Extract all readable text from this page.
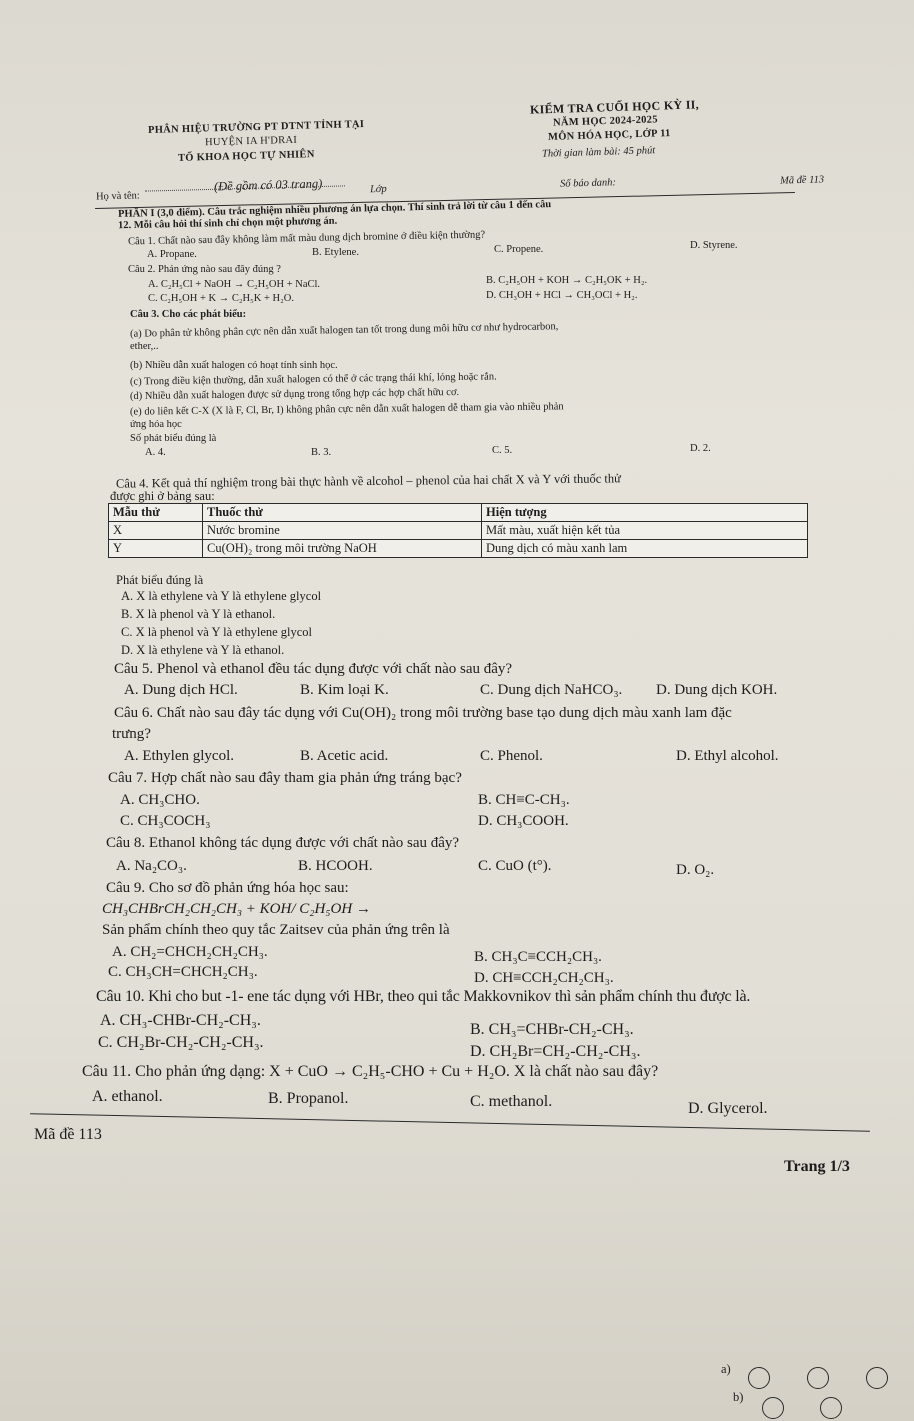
PHÂN HIỆU TRƯỜNG PT DTNT TỈNH TẠI
HUYỆN IA H'DRAI
TỔ KHOA HỌC TỰ NHIÊN
(Đề gồm có 03 trang)
KIỂM TRA CUỐI HỌC KỲ II,
NĂM HỌC 2024-2025
MÔN HÓA HỌC, LỚP 11
Thời gian làm bài: 45 phút
Họ và tên:
Lớp	Số báo danh:	Mã đề 113
PHẦN I (3,0 điểm). Câu trắc nghiệm nhiều phương án lựa chọn. Thí sinh trả lời từ câu 1 đến câu
12. Mỗi câu hỏi thí sinh chỉ chọn một phương án.
Câu 1. Chất nào sau đây không làm mất màu dung dịch bromine ở điều kiện thường?
A. Propane.	B. Etylene.	C. Propene.	D. Styrene.
Câu 2. Phản ứng nào sau đây đúng ?
A. C₂H₅Cl + NaOH → C₂H₅OH + NaCl.	B. C₂H₅OH + KOH → C₂H₅OK + H₂.
C. C₂H₅OH + K → C₂H₅K + H₂O.	D. CH₃OH + HCl → CH₃OCl + H₂.
Câu 3. Cho các phát biểu:
(a) Do phân tử không phân cực nên dẫn xuất halogen tan tốt trong dung môi hữu cơ như hydrocarbon,
ether,..
(b) Nhiều dẫn xuất halogen có hoạt tính sinh học.
(c) Trong điều kiện thường, dẫn xuất halogen có thể ở các trạng thái khí, lỏng hoặc rắn.
(d) Nhiều dẫn xuất halogen được sử dụng trong tổng hợp các hợp chất hữu cơ.
(e) do liên kết C-X (X là F, Cl, Br, I) không phân cực nên dẫn xuất halogen dễ tham gia vào nhiều phản
ứng hóa học
Số phát biểu đúng là
A. 4.	B. 3.	C. 5.	D. 2.
Câu 4. Kết quả thí nghiệm trong bài thực hành về alcohol – phenol của hai chất X và Y với thuốc thử
được ghi ở bảng sau:
Mẫu thử	Thuốc thử	Hiện tượng
X	Nước bromine	Mất màu, xuất hiện kết tủa
Y	Cu(OH)₂ trong môi trường NaOH	Dung dịch có màu xanh lam
Phát biểu đúng là
A. X là ethylene và Y là ethylene glycol
B. X là phenol và Y là ethanol.
C. X là phenol và Y là ethylene glycol
D. X là ethylene và Y là ethanol.
Câu 5. Phenol và ethanol đều tác dụng được với chất nào sau đây?
A. Dung dịch HCl.	B. Kim loại K.	C. Dung dịch NaHCO₃. D. Dung dịch KOH.
Câu 6. Chất nào sau đây tác dụng với Cu(OH)₂ trong môi trường base tạo dung dịch màu xanh lam đặc
trưng?
A. Ethylen glycol.	B. Acetic acid.	C. Phenol.	D. Ethyl alcohol.
Câu 7. Hợp chất nào sau đây tham gia phản ứng tráng bạc?
A. CH₃CHO.	B. CH≡C-CH₃.
C. CH₃COCH₃	D. CH₃COOH.
Câu 8. Ethanol không tác dụng được với chất nào sau đây?
A. Na₂CO₃.	B. HCOOH.	C. CuO (t°).	D. O₂.
Câu 9. Cho sơ đồ phản ứng hóa học sau:
CH₃CHBrCH₂CH₂CH₃ + KOH/ C₂H₅OH →
Sản phẩm chính theo quy tắc Zaitsev của phản ứng trên là
A. CH₂=CHCH₂CH₂CH₃.	B. CH₃C≡CCH₂CH₃.
C. CH₃CH=CHCH₂CH₃.	D. CH≡CCH₂CH₂CH₃.
Câu 10. Khi cho but -1- ene tác dụng với HBr, theo qui tắc Makkovnikov thì sản phẩm chính thu được là.
A. CH₃-CHBr-CH₂-CH₃.
B. CH₃=CHBr-CH₂-CH₃.
C. CH₂Br-CH₂-CH₂-CH₃.
D. CH₂Br=CH₂-CH₂-CH₃.
Câu 11. Cho phản ứng dạng: X + CuO → C₂H₅-CHO + Cu + H₂O. X là chất nào sau đây?
A. ethanol.	B. Propanol.	C. methanol.	D. Glycerol.
Mã đề 113
Trang 1/3
a)
b)
